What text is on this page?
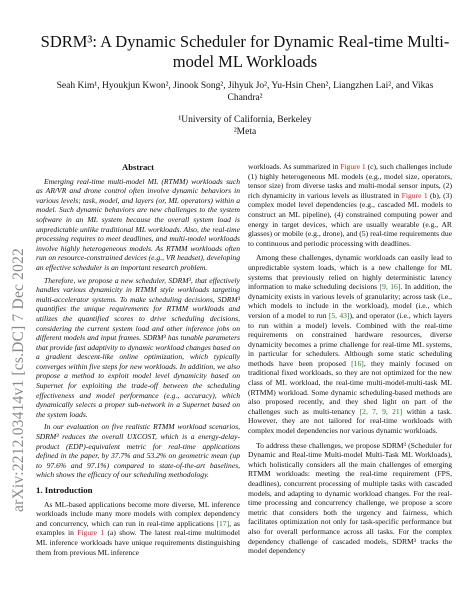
arXiv:2212.03414v1 [cs.DC] 7 Dec 2022
SDRM³: A Dynamic Scheduler for Dynamic Real-time Multi-model ML Workloads
Seah Kim¹, Hyoukjun Kwon², Jinook Song², Jihyuk Jo², Yu-Hsin Chen², Liangzhen Lai², and Vikas Chandra²
¹University of California, Berkeley
²Meta
Abstract

Emerging real-time multi-model ML (RTMM) workloads such as AR/VR and drone control often involve dynamic behaviors in various levels; task, model, and layers (or, ML operators) within a model. Such dynamic behaviors are new challenges to the system software in an ML system because the overall system load is unpredictable unlike traditional ML workloads. Also, the real-time processing requires to meet deadlines, and multi-model workloads involve highly heterogeneous models. As RTMM workloads often run on resource-constrained devices (e.g., VR headset), developing an effective scheduler is an important research problem.

Therefore, we propose a new scheduler, SDRM³, that effectively handles various dynamicity in RTMM style workloads targeting multi-accelerator systems. To make scheduling decisions, SDRM³ quantifies the unique requirements for RTMM workloads and utilizes the quantified scores to drive scheduling decisions, considering the current system load and other inference jobs on different models and input frames. SDRM³ has tunable parameters that provide fast adaptivity to dynamic workload changes based on a gradient descent-like online optimization, which typically converges within five steps for new workloads. In addition, we also propose a method to exploit model level dynamicity based on Supernet for exploiting the trade-off between the scheduling effectiveness and model performance (e.g., accuracy), which dynamically selects a proper sub-network in a Supernet based on the system loads.

In our evaluation on five realistic RTMM workload scenarios, SDRM³ reduces the overall UXCOST, which is a energy-delay-product (EDP)-equivalent metric for real-time applications defined in the paper, by 37.7% and 53.2% on geometric mean (up to 97.6% and 97.1%) compared to state-of-the-art baselines, which shows the efficacy of our scheduling methodology.

1. Introduction

As ML-based applications become more diverse, ML inference workloads include many more models with complex dependency and concurrency, which can run in real-time applications [17], as examples in Figure 1 (a) show. The latest real-time multimodel ML inference workloads have unique requirements distinguishing them from previous ML inference

workloads. As summarized in Figure 1 (c), such challenges include (1) highly heterogeneous ML models (e.g., model size, operators, tensor size) from diverse tasks and multi-modal sensor inputs, (2) rich dynamicity in various levels as illustrated in Figure 1 (b), (3) complex model level dependencies (e.g., cascaded ML models to construct an ML pipeline), (4) constrained computing power and energy in target devices, which are usually wearable (e.g., AR glasses) or mobile (e.g., drone), and (5) real-time requirements due to continuous and periodic processing with deadlines.

Among these challenges, dynamic workloads can easily lead to unpredictable system loads, which is a new challenge for ML systems that previously relied on highly deterministic latency information to make scheduling decisions [9, 16]. In addition, the dynamicity exists in various levels of granularity; across task (i.e., which models to include in the workload), model (i.e., which version of a model to run [5, 43]), and operator (i.e., which layers to run within a model) levels. Combined with the real-time requirements on constrained hardware resources, diverse dynamicity becomes a prime challenge for real-time ML systems, in particular for schedulers. Although some static scheduling methods have been proposed [16], they mainly focused on traditional fixed workloads, so they are not optimized for the new class of ML workload, the real-time multi-model-multi-task ML (RTMM) workload. Some dynamic scheduling-based methods are also proposed recently, and they shed light on part of the challenges such as multi-tenancy [2, 7, 9, 21] within a task. However, they are not tailored for real-time workloads with complex model dependencies nor various dynamic workloads.

To address these challenges, we propose SDRM³ (Scheduler for Dynamic and Real-time Multi-model Multi-Task ML Workloads), which holistically considers all the main challenges of emerging RTMM workloads: meeting the real-time requirement (FPS, deadlines), concurrent processing of multiple tasks with cascaded models, and adapting to dynamic workload changes. For the real-time processing and concurrency challenge, we propose a score metric that considers both the urgency and fairness, which facilitates optimization not only for task-specific performance but also for overall performance across all tasks. For the complex dependency challenge of cascaded models, SDRM³ tracks the model dependency
